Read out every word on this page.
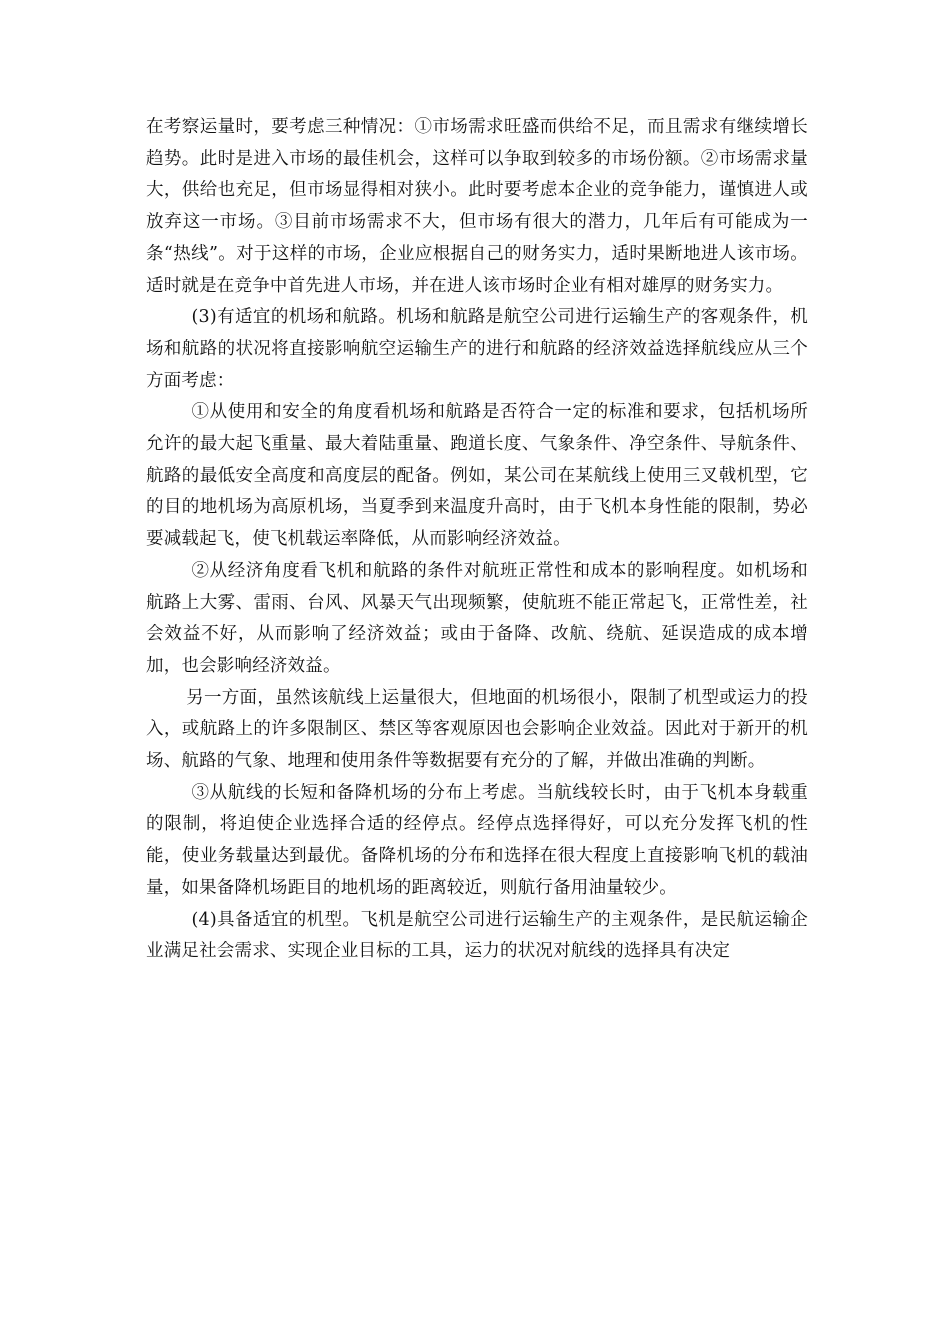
在考察运量时，要考虑三种情况：①市场需求旺盛而供给不足，而且需求有继续增长趋势。此时是进入市场的最佳机会，这样可以争取到较多的市场份额。②市场需求量大，供给也充足，但市场显得相对狭小。此时要考虑本企业的竞争能力，谨慎进人或放弃这一市场。③目前市场需求不大，但市场有很大的潜力，几年后有可能成为一条“热线”。对于这样的市场，企业应根据自己的财务实力，适时果断地进人该市场。适时就是在竞争中首先进人市场，并在进人该市场时企业有相对雄厚的财务实力。

(3)有适宜的机场和航路。机场和航路是航空公司进行运输生产的客观条件，机场和航路的状况将直接影响航空运输生产的进行和航路的经济效益选择航线应从三个方面考虑：

①从使用和安全的角度看机场和航路是否符合一定的标准和要求，包括机场所允许的最大起飞重量、最大着陆重量、跑道长度、气象条件、净空条件、导航条件、航路的最低安全高度和高度层的配备。例如，某公司在某航线上使用三叉戟机型，它的目的地机场为高原机场，当夏季到来温度升高时，由于飞机本身性能的限制，势必要减载起飞，使飞机载运率降低，从而影响经济效益。

②从经济角度看飞机和航路的条件对航班正常性和成本的影响程度。如机场和航路上大雾、雷雨、台风、风暴天气出现频繁，使航班不能正常起飞，正常性差，社会效益不好，从而影响了经济效益；或由于备降、改航、绕航、延误造成的成本增加，也会影响经济效益。

另一方面，虽然该航线上运量很大，但地面的机场很小，限制了机型或运力的投入，或航路上的许多限制区、禁区等客观原因也会影响企业效益。因此对于新开的机场、航路的气象、地理和使用条件等数据要有充分的了解，并做出准确的判断。

③从航线的长短和备降机场的分布上考虑。当航线较长时，由于飞机本身载重的限制，将迫使企业选择合适的经停点。经停点选择得好，可以充分发挥飞机的性能，使业务载量达到最优。备降机场的分布和选择在很大程度上直接影响飞机的载油量，如果备降机场距目的地机场的距离较近，则航行备用油量较少。

(4)具备适宜的机型。飞机是航空公司进行运输生产的主观条件，是民航运输企业满足社会需求、实现企业目标的工具，运力的状况对航线的选择具有决定
